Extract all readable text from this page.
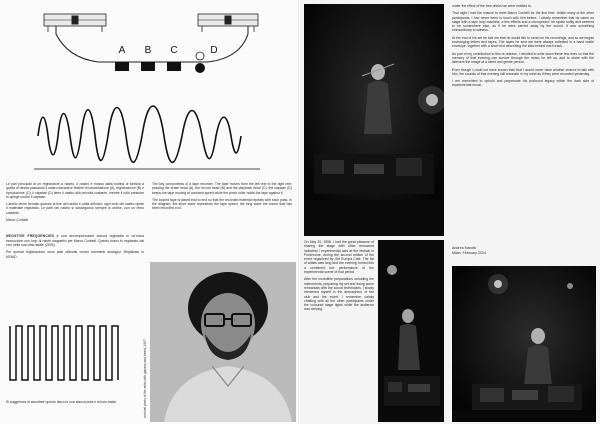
A B C	D

Le pari principali di un registratore a nastro. Il nastro è mosso dalla bobina di sinistra a quella di destra passando il nastro davanti le testine di cancellazione (A), registrazione (B) e riproduzione (C); il capstan (D) tiene il nastro alla velocità costante, mentre il rullo pressore lo spinge contro il capstan.

L'anello viene formato quando la fine del nastro è unita all'inizio; ogni ciclo del nastro ripete il materiale registrato. Le parti del nastro si susseguono sempre in ordine, con un ritmo costante.

Marco Corbelli

NEGATIVE FREQUENCIES è una decompressione sonora registrata in un'unica esecuzione con loop di nastri magnetici per Marco Corbelli. Questo brano fu registrato dal vivo nella sua città natale (2004).

Per questa registrazione sono stati utilizzati vecchi strumenti analogici. Registrato in MONO.

Si suggerisce di ascoltare questo disco in una stanza buia e al buio totale.

The key components of a tape recorder. The tape moves from the left reel to the right reel, passing the erase head (A), the record head (B) and the playback head (C); the capstan (D) keeps the tape moving at constant speed while the pinch roller holds the tape against it.

The looped tape is joined end to end so that the recorded material repeats with each pass. In the diagram, the short wave represents the tape speed, the long wave the sound that has been recorded on it.

archival photo of the artist with glasses and beard, 1997

On May 20, 1998, I had the great pleasure of sharing the stage with other renowned industrial / experimental acts at the festival in Pordenone, during the second edition of the event organized by Old Europa Cafe. The list of artists was long and the evening turned into a combined live performance of the experimental scene of that period.

After the incredible preparations unfolding the instruments, preparing my set and doing some rehearsals with the sound technicians, I slowly immersed myself in the atmosphere of the club and the event. I remember calmly chatting with all the other participants under the coloured stage lights while the audience was arriving.

under the effect of the free drinks we were entitled to.

That night I had the chance to meet Marco Corbelli for the first time. Unlike many of the other participants, I had never been in touch with him before. I clearly remember that he came on stage with a tape loop machine, a few effects and a microphone: he spoke softly and seemed to be somewhere else, as if he were carried away by the sound. It was something extraordinary to witness.

At the end of his set he told me that he would like to send me his recordings, and so we began exchanging letters and tapes. The tapes he sent me were always collected in a hand made envelope, together with a short text describing the idea behind each track.

As part of my contribution to this re-release, I decided to write down these few lines so that the memory of that evening can survive through the music he left us, and to share with the listeners the image of a silent and gentle person.

Even though I could not have known then that I would never have another chance to talk with him, the sounds of that evening still resonate in my mind as if they were recorded yesterday.

I am committed to uphold and perpetuate his profound legacy within the dark side of experimental music.

Andrea Marutti
Milan, February 2024
